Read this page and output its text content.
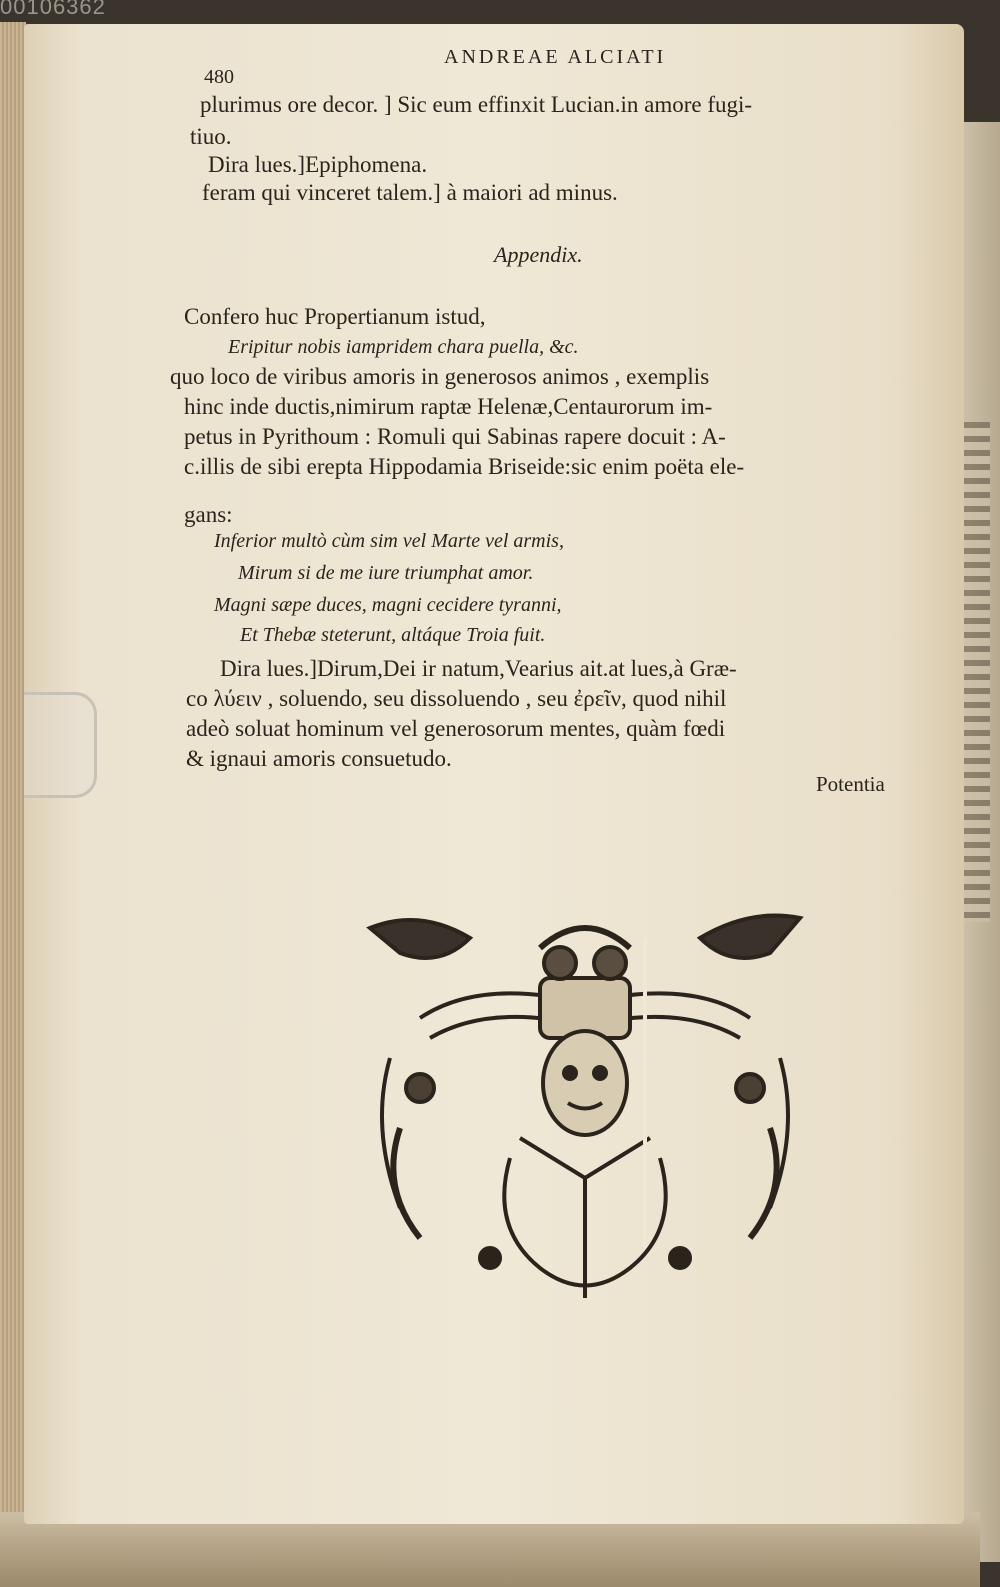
00106362
ANDREAE ALCIATI
480
plurimus ore decor. ] Sic eum effinxit Lucian.in amore fugi-
tiuo.
Dira lues.]Epiphomena.
feram qui vinceret talem.] à maiori ad minus.
Appendix.
Confero huc Propertianum istud,
Eripitur nobis iampridem chara puella, &c.
quo loco de viribus amoris in generosos animos , exemplis
hinc inde ductis,nimirum raptæ Helenæ,Centaurorum im-
petus in Pyrithoum : Romuli qui Sabinas rapere docuit : A-
c.illis de sibi erepta Hippodamia Briseide:sic enim poëta ele-
gans:
Inferior multò cùm sim vel Marte vel armis,
Mirum si de me iure triumphat amor.
Magni sæpe duces, magni cecidere tyranni,
Et Thebæ steterunt, altáque Troia fuit.
Dira lues.]Dirum,Dei ir natum,Vearius ait.at lues,à Græ-
co λύειν , soluendo, seu dissoluendo , seu ἐρεῖν, quod nihil
adeò soluat hominum vel generosorum mentes, quàm fœdi
& ignaui amoris consuetudo.
Potentia
